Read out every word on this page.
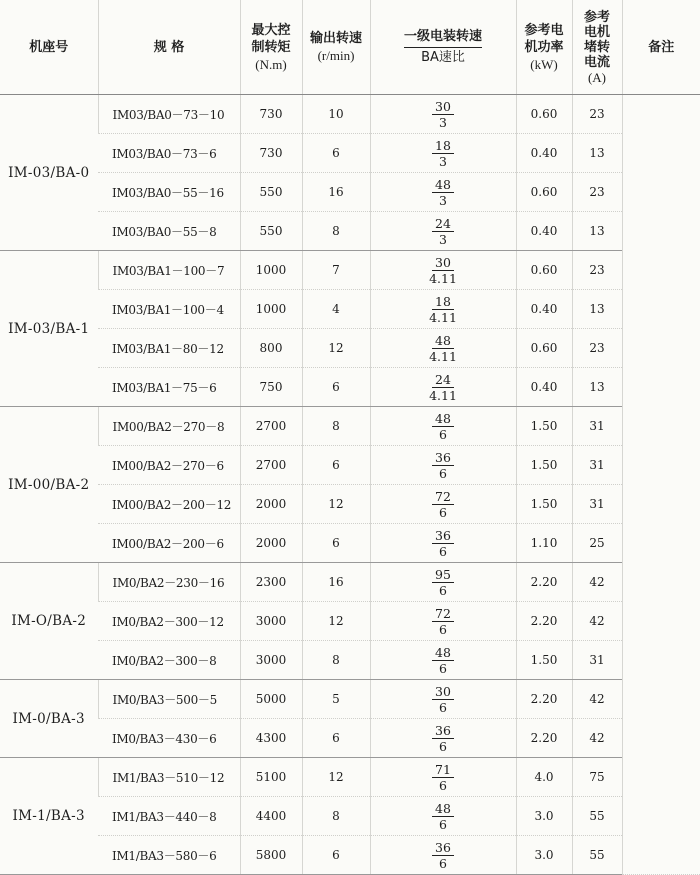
机座号	规 格	最大控
制转矩
(N.m)	输出转速
(r/min)	$\frac{\text{一级电装转速}}{\text{BA速比}}$	参考电
机功率
(kW)	参考
电机
堵转
电流
(A)	备注
IM-03/BA-0	IM03/BA0－73－10	730	10	$\frac{30}{3}$	0.60	23	
	IM03/BA0－73－6	730	6	$\frac{18}{3}$	0.40	13	
	IM03/BA0－55－16	550	16	$\frac{48}{3}$	0.60	23	
	IM03/BA0－55－8	550	8	$\frac{24}{3}$	0.40	13	
IM-03/BA-1	IM03/BA1－100－7	1000	7	$\frac{30}{4.11}$	0.60	23	
	IM03/BA1－100－4	1000	4	$\frac{18}{4.11}$	0.40	13	
	IM03/BA1－80－12	800	12	$\frac{48}{4.11}$	0.60	23	
	IM03/BA1－75－6	750	6	$\frac{24}{4.11}$	0.40	13	
IM-00/BA-2	IM00/BA2－270－8	2700	8	$\frac{48}{6}$	1.50	31	
	IM00/BA2－270－6	2700	6	$\frac{36}{6}$	1.50	31	
	IM00/BA2－200－12	2000	12	$\frac{72}{6}$	1.50	31	
	IM00/BA2－200－6	2000	6	$\frac{36}{6}$	1.10	25	
IM-O/BA-2	IM0/BA2－230－16	2300	16	$\frac{95}{6}$	2.20	42	
	IM0/BA2－300－12	3000	12	$\frac{72}{6}$	2.20	42	
	IM0/BA2－300－8	3000	8	$\frac{48}{6}$	1.50	31	
IM-0/BA-3	IM0/BA3－500－5	5000	5	$\frac{30}{6}$	2.20	42	
	IM0/BA3－430－6	4300	6	$\frac{36}{6}$	2.20	42	
IM-1/BA-3	IM1/BA3－510－12	5100	12	$\frac{71}{6}$	4.0	75	
	IM1/BA3－440－8	4400	8	$\frac{48}{6}$	3.0	55	
	IM1/BA3－580－6	5800	6	$\frac{36}{6}$	3.0	55	
